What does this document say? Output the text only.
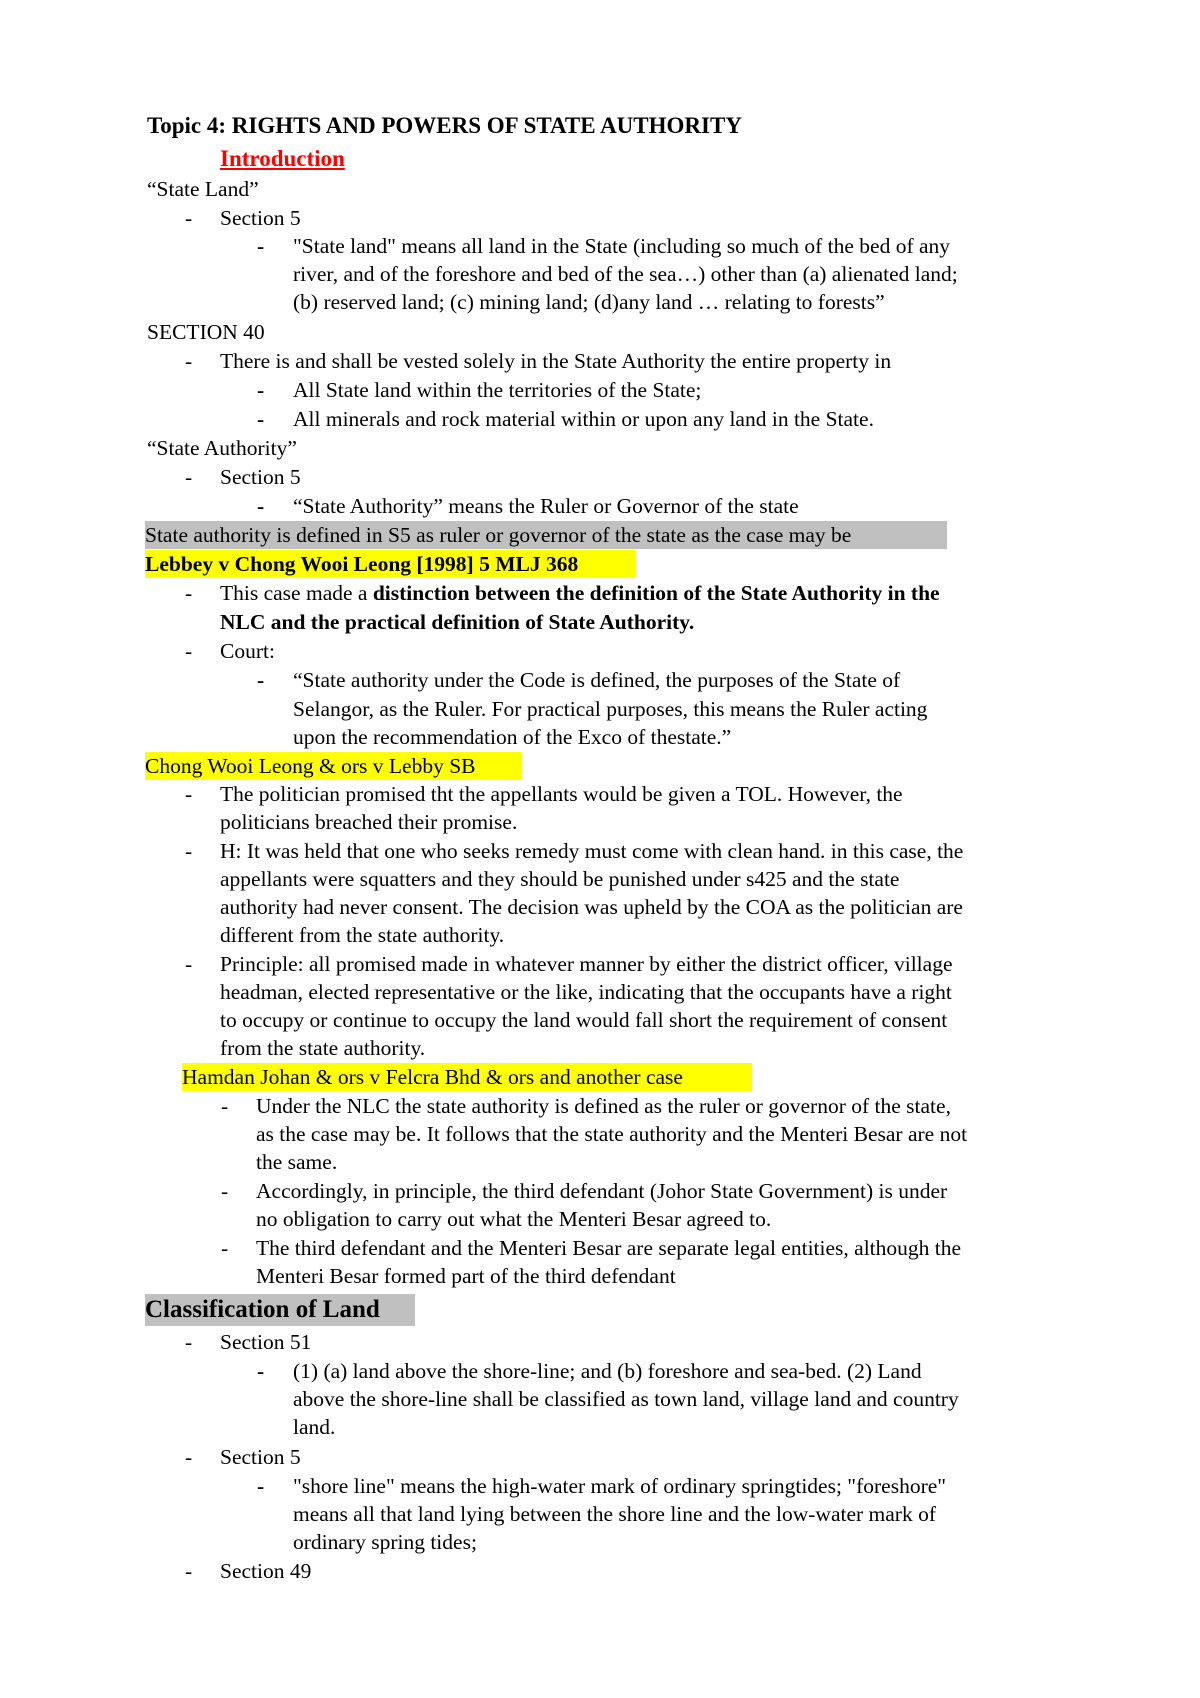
Topic 4: RIGHTS AND POWERS OF STATE AUTHORITY
Introduction
“State Land”
- Section 5
- "State land" means all land in the State (including so much of the bed of any
river, and of the foreshore and bed of the sea…) other than (a) alienated land;
(b) reserved land; (c) mining land; (d)any land … relating to forests”
SECTION 40
- There is and shall be vested solely in the State Authority the entire property in
- All State land within the territories of the State;
- All minerals and rock material within or upon any land in the State.
“State Authority”
- Section 5
- “State Authority” means the Ruler or Governor of the state
State authority is defined in S5 as ruler or governor of the state as the case may be
Lebbey v Chong Wooi Leong [1998] 5 MLJ 368
- This case made a distinction between the definition of the State Authority in the
NLC and the practical definition of State Authority.
- Court:
- “State authority under the Code is defined, the purposes of the State of
Selangor, as the Ruler. For practical purposes, this means the Ruler acting
upon the recommendation of the Exco of thestate.”
Chong Wooi Leong & ors v Lebby SB
- The politician promised tht the appellants would be given a TOL. However, the
politicians breached their promise.
- H: It was held that one who seeks remedy must come with clean hand. in this case, the
appellants were squatters and they should be punished under s425 and the state
authority had never consent. The decision was upheld by the COA as the politician are
different from the state authority.
- Principle: all promised made in whatever manner by either the district officer, village
headman, elected representative or the like, indicating that the occupants have a right
to occupy or continue to occupy the land would fall short the requirement of consent
from the state authority.
Hamdan Johan & ors v Felcra Bhd & ors and another case
- Under the NLC the state authority is defined as the ruler or governor of the state,
as the case may be. It follows that the state authority and the Menteri Besar are not
the same.
- Accordingly, in principle, the third defendant (Johor State Government) is under
no obligation to carry out what the Menteri Besar agreed to.
- The third defendant and the Menteri Besar are separate legal entities, although the
Menteri Besar formed part of the third defendant
Classification of Land
- Section 51
- (1) (a) land above the shore-line; and (b) foreshore and sea-bed. (2) Land
above the shore-line shall be classified as town land, village land and country
land.
- Section 5
- "shore line" means the high-water mark of ordinary springtides; "foreshore"
means all that land lying between the shore line and the low-water mark of
ordinary spring tides;
- Section 49
